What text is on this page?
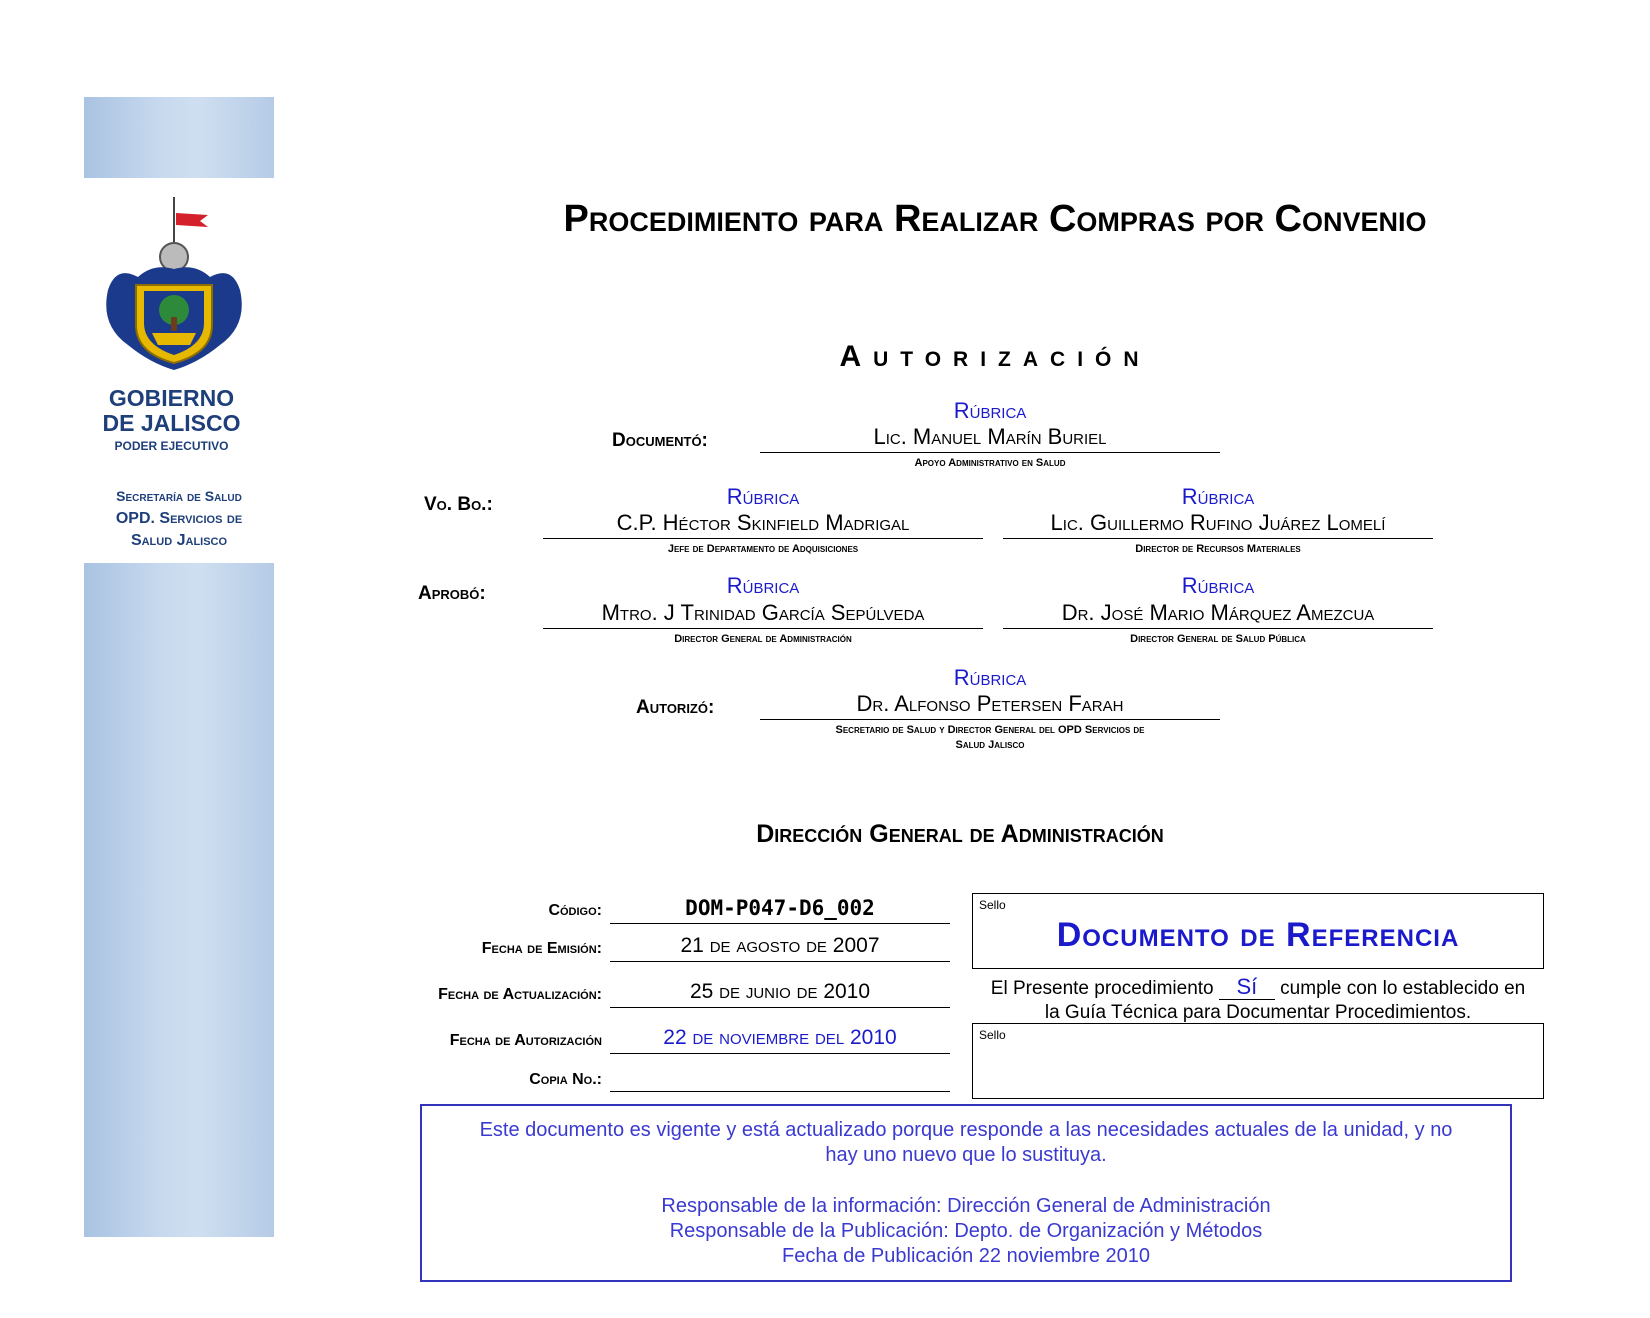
GOBIERNO
DE JALISCO
PODER EJECUTIVO
Secretaría de Salud
OPD. Servicios de
Salud Jalisco
Procedimiento para Realizar Compras por Convenio
Autorización
Rúbrica
Documentó:	Lic. Manuel Marín Buriel
Apoyo Administrativo en Salud
Vo. Bo.:	Rúbrica
C.P. Héctor Skinfield Madrigal
Jefe de Departamento de Adquisiciones
Rúbrica
Lic. Guillermo Rufino Juárez Lomelí
Director de Recursos Materiales
Aprobó:	Rúbrica
Mtro. J Trinidad García Sepúlveda
Director General de Administración
Rúbrica
Dr. José Mario Márquez Amezcua
Director General de Salud Pública
Rúbrica
Autorizó:	Dr. Alfonso Petersen Farah
Secretario de Salud y Director General del OPD Servicios de
Salud Jalisco
Dirección General de Administración
Código:	DOM-P047-D6_002
Fecha de Emisión:	21 de agosto de 2007
Fecha de Actualización:	25 de junio de 2010
Fecha de Autorización	22 de noviembre del 2010
Copia No.:
Sello
Documento de Referencia
El Presente procedimiento Sí cumple con lo establecido en
la Guía Técnica para Documentar Procedimientos.
Sello
Este documento es vigente y está actualizado porque responde a las necesidades actuales de la unidad, y no
hay uno nuevo que lo sustituya.
Responsable de la información: Dirección General de Administración
Responsable de la Publicación: Depto. de Organización y Métodos
Fecha de Publicación 22 noviembre 2010
